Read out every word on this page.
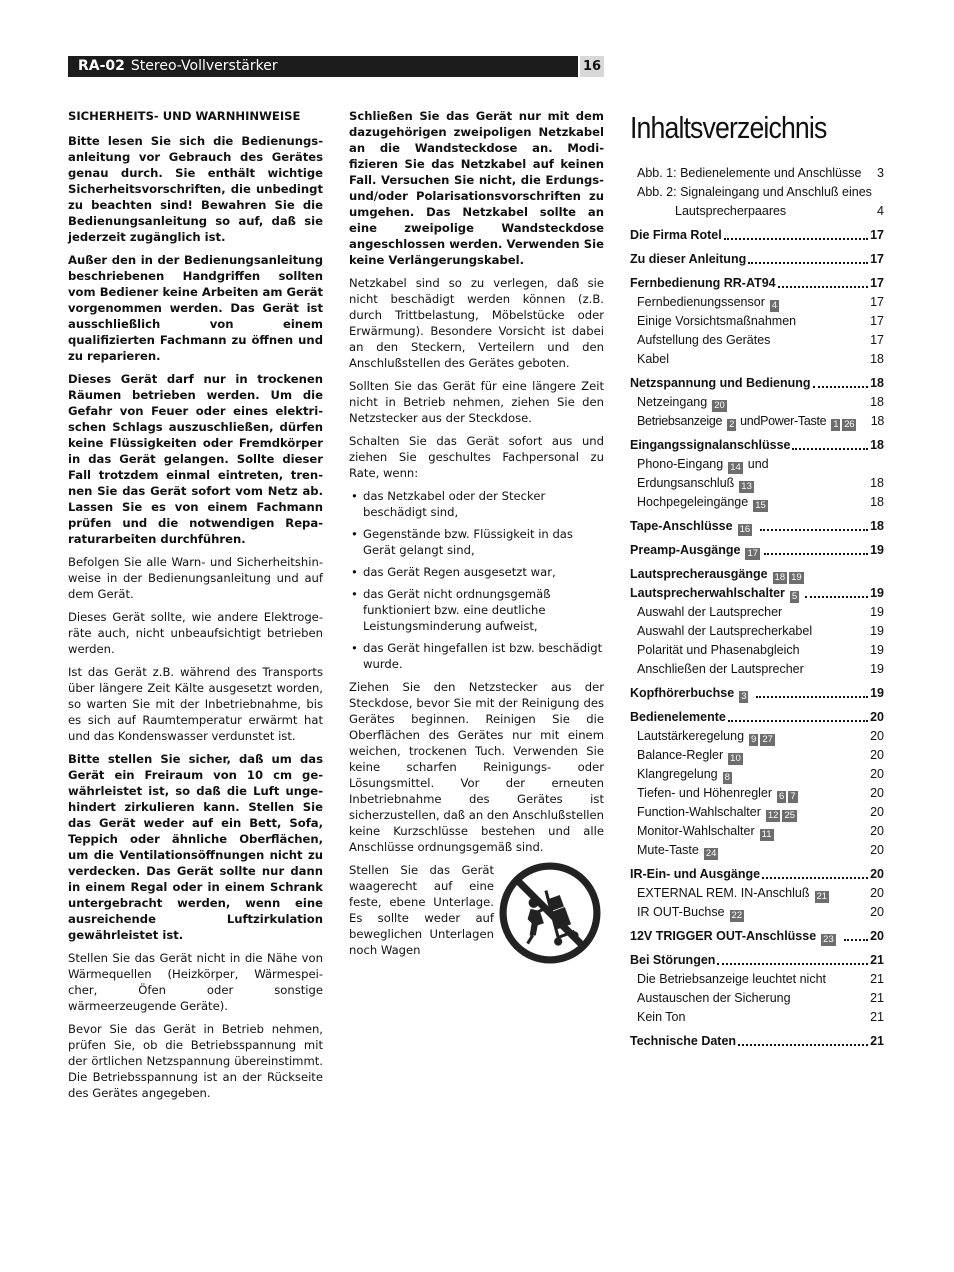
RA-02 Stereo-Vollverstärker	16

SICHERHEITS- UND WARNHINWEISE

Bitte lesen Sie sich die Bedienungsanleitung vor Gebrauch des Gerätes genau durch. Sie enthält wichtige Sicherheitsvorschriften, die unbedingt zu beachten sind! Bewahren Sie die Bedienungsanleitung so auf, daß sie jederzeit zugänglich ist.

Außer den in der Bedienungsanleitung beschriebenen Handgriffen sollten vom Bediener keine Arbeiten am Gerät vorgenommen werden. Das Gerät ist ausschließlich von einem qualifizierten Fachmann zu öffnen und zu reparieren.

Dieses Gerät darf nur in trockenen Räumen betrieben werden. Um die Gefahr von Feuer oder eines elektrischen Schlags auszuschließen, dürfen keine Flüssigkeiten oder Fremdkörper in das Gerät gelangen. Sollte dieser Fall trotzdem einmal eintreten, trennen Sie das Gerät sofort vom Netz ab. Lassen Sie es von einem Fachmann prüfen und die notwendigen Reparaturarbeiten durchführen.

Befolgen Sie alle Warn- und Sicherheitshinweise in der Bedienungsanleitung und auf dem Gerät.

Dieses Gerät sollte, wie andere Elektrogeräte auch, nicht unbeaufsichtigt betrieben werden.

Ist das Gerät z.B. während des Transports über längere Zeit Kälte ausgesetzt worden, so warten Sie mit der Inbetriebnahme, bis es sich auf Raumtemperatur erwärmt hat und das Kondenswasser verdunstet ist.

Bitte stellen Sie sicher, daß um das Gerät ein Freiraum von 10 cm gewährleistet ist, so daß die Luft ungehindert zirkulieren kann. Stellen Sie das Gerät weder auf ein Bett, Sofa, Teppich oder ähnliche Oberflächen, um die Ventilationsöffnungen nicht zu verdecken. Das Gerät sollte nur dann in einem Regal oder in einem Schrank untergebracht werden, wenn eine ausreichende Luftzirkulation gewährleistet ist.

Stellen Sie das Gerät nicht in die Nähe von Wärmequellen (Heizkörper, Wärmespeicher, Öfen oder sonstige wärmeerzeugende Geräte).

Bevor Sie das Gerät in Betrieb nehmen, prüfen Sie, ob die Betriebsspannung mit der örtlichen Netzspannung übereinstimmt. Die Betriebsspannung ist an der Rückseite des Gerätes angegeben.

Schließen Sie das Gerät nur mit dem dazugehörigen zweipoligen Netzkabel an die Wandsteckdose an. Modifizieren Sie das Netzkabel auf keinen Fall. Versuchen Sie nicht, die Erdungs- und/oder Polarisationsvorschriften zu umgehen. Das Netzkabel sollte an eine zweipolige Wandsteckdose angeschlossen werden. Verwenden Sie keine Verlängerungskabel.

Netzkabel sind so zu verlegen, daß sie nicht beschädigt werden können (z.B. durch Trittbelastung, Möbelstücke oder Erwärmung). Besondere Vorsicht ist dabei an den Steckern, Verteilern und den Anschlußstellen des Gerätes geboten.

Sollten Sie das Gerät für eine längere Zeit nicht in Betrieb nehmen, ziehen Sie den Netzstecker aus der Steckdose.

Schalten Sie das Gerät sofort aus und ziehen Sie geschultes Fachpersonal zu Rate, wenn:

• das Netzkabel oder der Stecker beschädigt sind,
• Gegenstände bzw. Flüssigkeit in das Gerät gelangt sind,
• das Gerät Regen ausgesetzt war,
• das Gerät nicht ordnungsgemäß funktioniert bzw. eine deutliche Leistungsminderung aufweist,
• das Gerät hingefallen ist bzw. beschädigt wurde.

Ziehen Sie den Netzstecker aus der Steckdose, bevor Sie mit der Reinigung des Gerätes beginnen. Reinigen Sie die Oberflächen des Gerätes nur mit einem weichen, trockenen Tuch. Verwenden Sie keine scharfen Reinigungs- oder Lösungsmittel. Vor der erneuten Inbetriebnahme des Gerätes ist sicherzustellen, daß an den Anschlußstellen keine Kurzschlüsse bestehen und alle Anschlüsse ordnungsgemäß sind.

Stellen Sie das Gerät waagerecht auf eine feste, ebene Unterlage. Es sollte weder auf beweglichen Unterlagen noch Wagen

Inhaltsverzeichnis
Abb. 1: Bedienelemente und Anschlüsse 3
Abb. 2: Signaleingang und Anschluß eines
Lautsprecherpaares	4
Die Firma Rotel	17
Zu dieser Anleitung	17
Fernbedienung RR-AT94	17
Fernbedienungssensor 4	17
Einige Vorsichtsmaßnahmen	17
Aufstellung des Gerätes	17
Kabel	18
Netzspannung und Bedienung	18
Netzeingang 20	18
Betriebsanzeige 2 undPower-Taste 1 26 18
Eingangssignalanschlüsse	18
Phono-Eingang 14 und
Erdungsanschluß 13	18
Hochpegeleingänge 15	18
Tape-Anschlüsse 16	18
Preamp-Ausgänge 17	19
Lautsprecherausgänge 18 19
Lautsprecherwahlschalter 5	19
Auswahl der Lautsprecher	19
Auswahl der Lautsprecherkabel	19
Polarität und Phasenabgleich	19
Anschließen der Lautsprecher	19
Kopfhörerbuchse 3	19
Bedienelemente	20
Lautstärkeregelung 9 27	20
Balance-Regler 10	20
Klangregelung 8	20
Tiefen- und Höhenregler 6 7	20
Function-Wahlschalter 12 25	20
Monitor-Wahlschalter 11	20
Mute-Taste 24	20
IR-Ein- und Ausgänge	20
EXTERNAL REM. IN-Anschluß 21	20
IR OUT-Buchse 22	20
12V TRIGGER OUT-Anschlüsse 23	20
Bei Störungen	21
Die Betriebsanzeige leuchtet nicht	21
Austauschen der Sicherung	21
Kein Ton	21
Technische Daten	21
